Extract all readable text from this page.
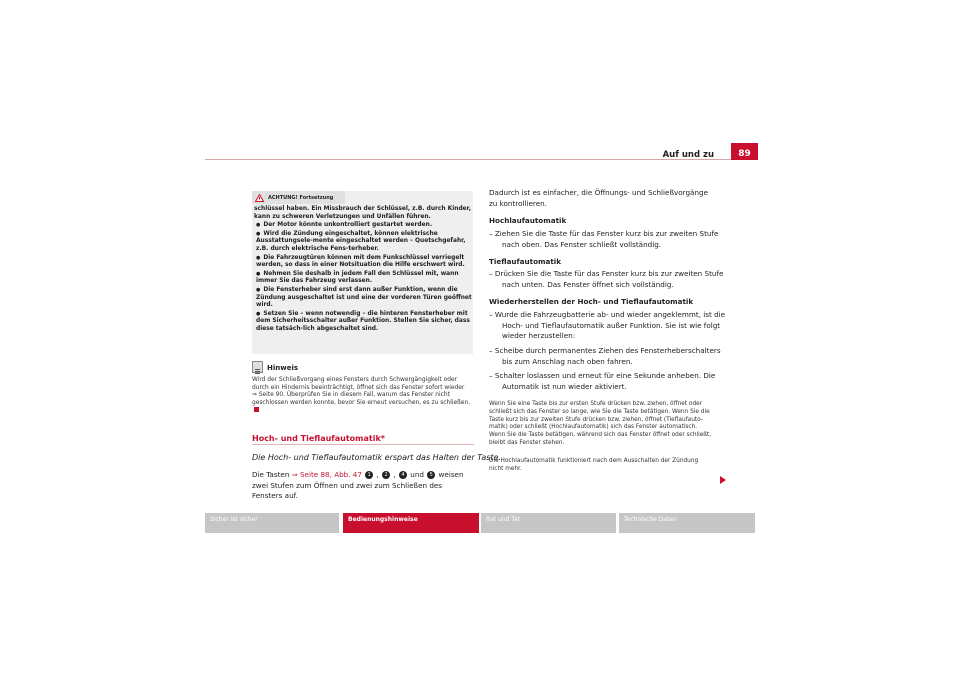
Auf und zu	89
ACHTUNG! Fortsetzung

schlüssel haben. Ein Missbrauch der Schlüssel, z.B. durch Kinder, kann zu schweren Verletzungen und Unfällen führen.

● Der Motor könnte unkontrolliert gestartet werden.

● Wird die Zündung eingeschaltet, können elektrische Ausstattungsele-mente eingeschaltet werden – Quetschgefahr, z.B. durch elektrische Fens-terheber.

● Die Fahrzeugtüren können mit dem Funkschlüssel verriegelt werden, so dass in einer Notsituation die Hilfe erschwert wird.

● Nehmen Sie deshalb in jedem Fall den Schlüssel mit, wann immer Sie das Fahrzeug verlassen.

● Die Fensterheber sind erst dann außer Funktion, wenn die Zündung ausgeschaltet ist und eine der vorderen Türen geöffnet wird.

● Setzen Sie – wenn notwendig – die hinteren Fensterheber mit dem Sicherheitsschalter außer Funktion. Stellen Sie sicher, dass diese tatsäch-lich abgeschaltet sind.

Hinweis

Wird der Schließvorgang eines Fensters durch Schwergängigkeit oder durch ein Hindernis beeinträchtigt, öffnet sich das Fenster sofort wieder

⇒ Seite 90. Überprüfen Sie in diesem Fall, warum das Fenster nicht geschlossen werden konnte, bevor Sie erneut versuchen, es zu schließen.

Hoch- und Tieflaufautomatik*
Die Hoch- und Tieflaufautomatik erspart das Halten der Taste.
Die Tasten ⇒ Seite 88, Abb. 47 1 , 2 , 4 und 5 weisen zwei Stufen zum Öffnen und zwei zum Schließen des Fensters auf.
Dadurch ist es einfacher, die Öffnungs- und Schließvorgänge zu kontrollieren.
Hochlaufautomatik
– Ziehen Sie die Taste für das Fenster kurz bis zur zweiten Stufe nach oben. Das Fenster schließt vollständig.
Tieflaufautomatik
– Drücken Sie die Taste für das Fenster kurz bis zur zweiten Stufe nach unten. Das Fenster öffnet sich vollständig.
Wiederherstellen der Hoch- und Tieflaufautomatik
– Wurde die Fahrzeugbatterie ab- und wieder angeklemmt, ist die Hoch- und Tieflaufautomatik außer Funktion. Sie ist wie folgt wieder herzustellen:
– Scheibe durch permanentes Ziehen des Fensterheberschalters bis zum Anschlag nach oben fahren.
– Schalter loslassen und erneut für eine Sekunde anheben. Die Automatik ist nun wieder aktiviert.
Wenn Sie eine Taste bis zur ersten Stufe drücken bzw. ziehen, öffnet oder schließt sich das Fenster so lange, wie Sie die Taste betätigen. Wenn Sie die Taste kurz bis zur zweiten Stufe drücken bzw. ziehen, öffnet (Tieflaufauto-matik) oder schließt (Hochlaufautomatik) sich das Fenster automatisch. Wenn Sie die Taste betätigen, während sich das Fenster öffnet oder schließt, bleibt das Fenster stehen.
Die Hochlaufautomatik funktioniert nach dem Ausschalten der Zündung nicht mehr.
Sicher ist sicher	Bedienungshinweise	Rat und Tat	Technische Daten
